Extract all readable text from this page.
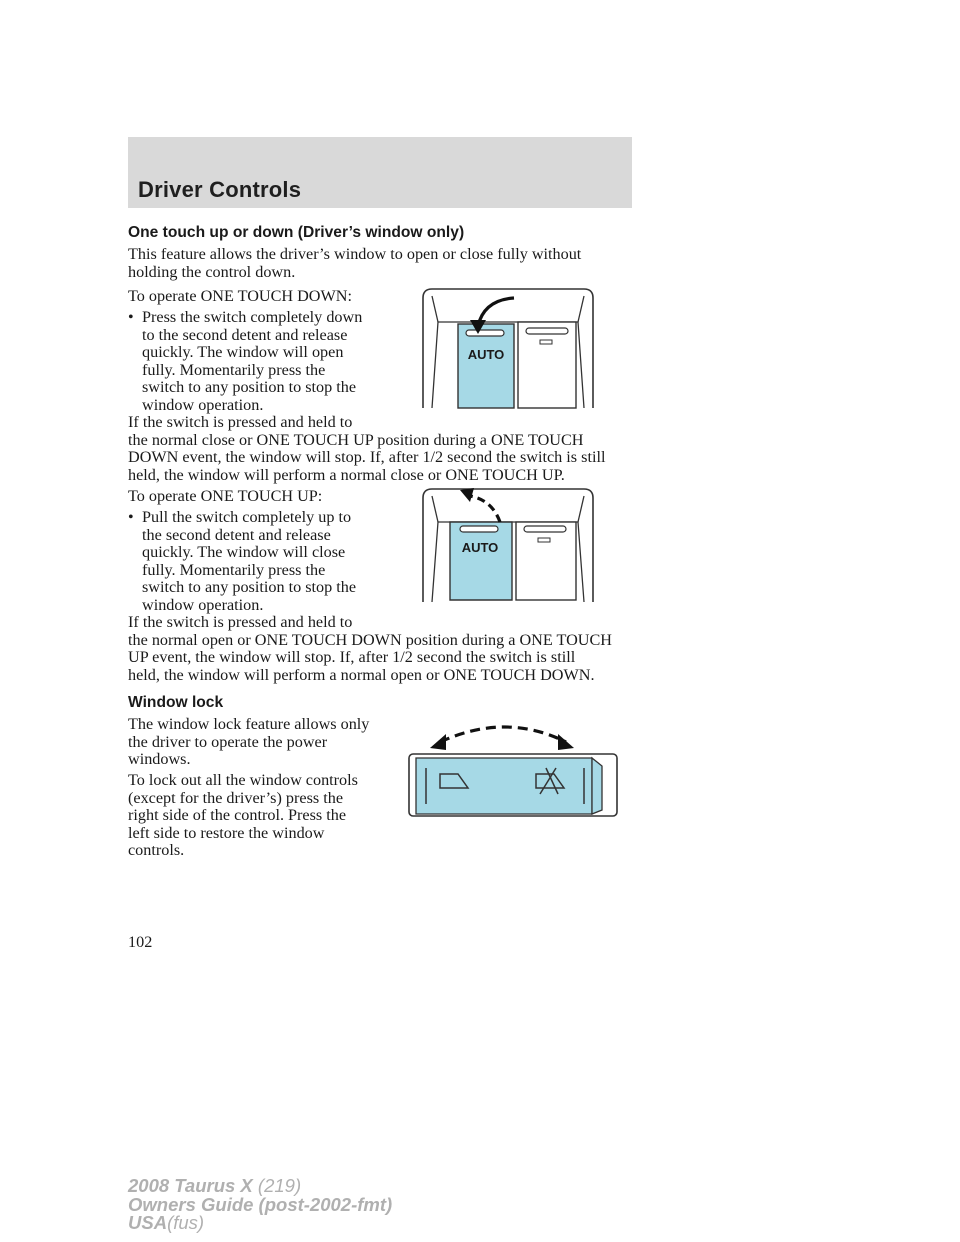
Driver Controls
One touch up or down (Driver’s window only)
This feature allows the driver’s window to open or close fully without holding the control down.
To operate ONE TOUCH DOWN:
• Press the switch completely down
to the second detent and release
quickly. The window will open
fully. Momentarily press the
switch to any position to stop the
window operation.
If the switch is pressed and held to
the normal close or ONE TOUCH UP position during a ONE TOUCH
DOWN event, the window will stop. If, after 1/2 second the switch is still
held, the window will perform a normal close or ONE TOUCH UP.
AUTO
To operate ONE TOUCH UP:
• Pull the switch completely up to
the second detent and release
quickly. The window will close
fully. Momentarily press the
switch to any position to stop the
window operation.
If the switch is pressed and held to
the normal open or ONE TOUCH DOWN position during a ONE TOUCH
UP event, the window will stop. If, after 1/2 second the switch is still
held, the window will perform a normal open or ONE TOUCH DOWN.
AUTO
Window lock
The window lock feature allows only
the driver to operate the power
windows.
To lock out all the window controls
(except for the driver’s) press the
right side of the control. Press the
left side to restore the window
controls.
102
2008 Taurus X (219)
Owners Guide (post-2002-fmt)
USA(fus)
